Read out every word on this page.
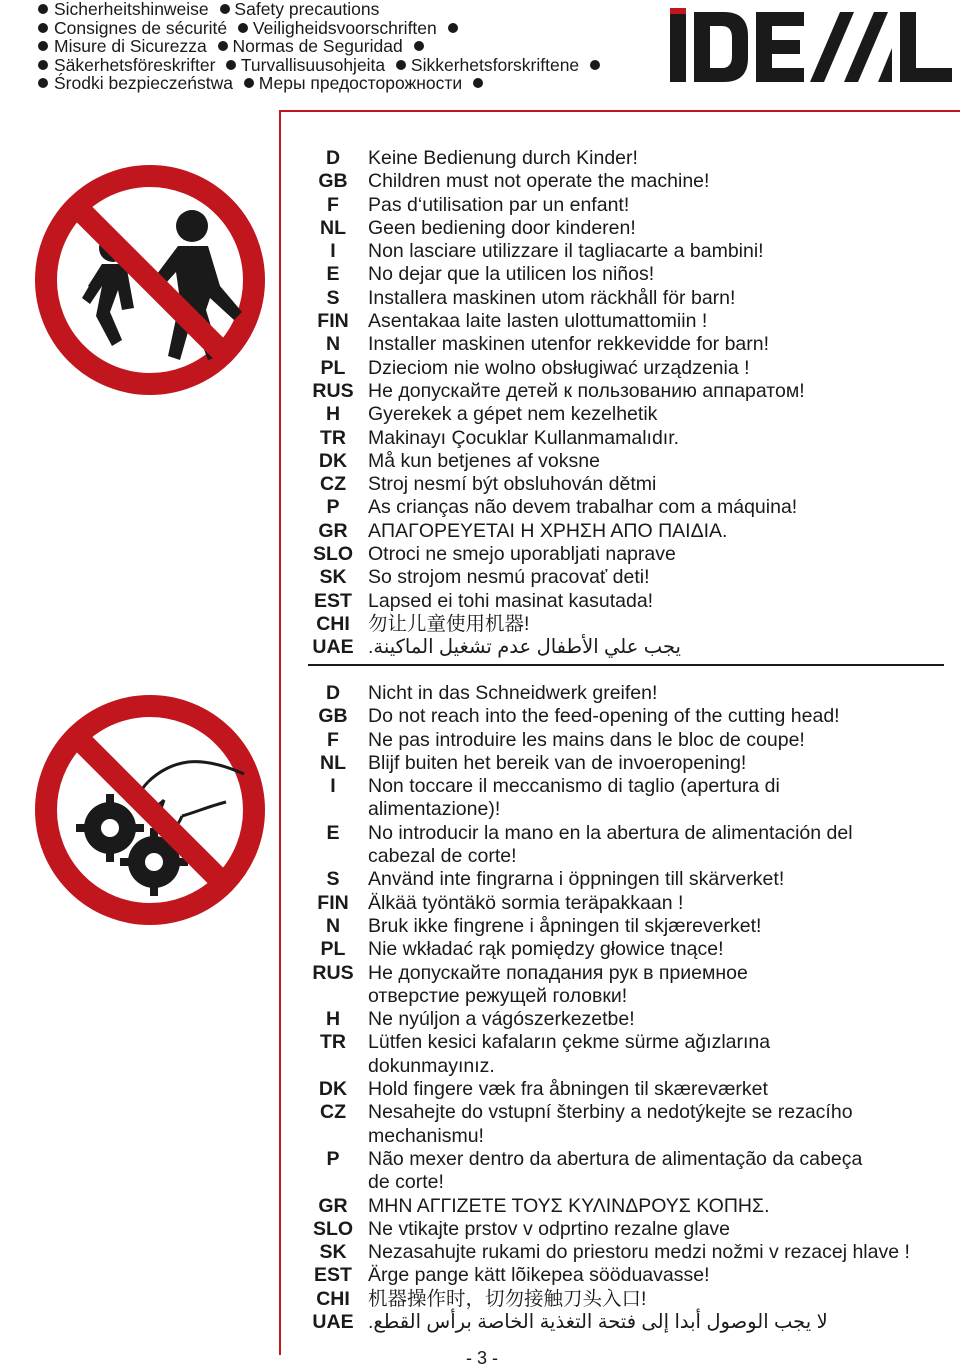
Sicherheitshinweise Safety precautions
Consignes de sécurité Veiligheidsvoorschriften
Misure di Sicurezza Normas de Seguridad
Säkerhetsföreskrifter Turvallisuusohjeita Sikkerhetsforskriftene
Środki bezpieczeństwa Меры предосторожности
D	Keine Bedienung durch Kinder!
GB	Children must not operate the machine!
F	Pas d‘utilisation par un enfant!
NL	Geen bediening door kinderen!
I	Non lasciare utilizzare il tagliacarte a bambini!
E	No dejar que la utilicen los niños!
S	Installera maskinen utom räckhåll för barn!
FIN Asentakaa laite lasten ulottumattomiin !
N	Installer maskinen utenfor rekkevidde for barn!
PL	Dzieciom nie wolno obsługiwać urządzenia !
RUS Не допускайте детей к пользованию аппаратом!
H	Gyerekek a gépet nem kezelhetik
TR	Makinayı Çocuklar Kullanmamalıdır.
DK	Må kun betjenes af voksne
CZ	Stroj nesmí být obsluhován dětmi
P	As crianças não devem trabalhar com a máquina!
GR	ΑΠΑΓΟΡΕΥΕΤΑΙ Η ΧΡΗΣΗ ΑΠΟ ΠΑΙΔΙΑ.
SLO Otroci ne smejo uporabljati naprave
SK	So strojom nesmú pracovať deti!
EST Lapsed ei tohi masinat kasutada!
CHI 勿让儿童使用机器!
UAE يجب علي الأطفال عدم تشغيل الماكينة.
D	Nicht in das Schneidwerk greifen!
GB	Do not reach into the feed-opening of the cutting head!
F	Ne pas introduire les mains dans le bloc de coupe!
NL	Blijf buiten het bereik van de invoeropening!
I	Non toccare il meccanismo di taglio (apertura di
alimentazione)!
E	No introducir la mano en la abertura de alimentación del
cabezal de corte!
S	Använd inte fingrarna i öppningen till skärverket!
FIN Älkää työntäkö sormia teräpakkaan !
N	Bruk ikke fingrene i åpningen til skjæreverket!
PL	Nie wkładać rąk pomiędzy głowice tnące!
RUS Не допускайте попадания рук в приемное
отверстие режущей головки!
H	Ne nyúljon a vágószerkezetbe!
TR	Lütfen kesici kafaların çekme sürme ağızlarına
dokunmayınız.
DK	Hold fingere væk fra åbningen til skæreværket
CZ	Nesahejte do vstupní šterbiny a nedotýkejte se rezacího
mechanismu!
P	Não mexer dentro da abertura de alimentação da cabeça
de corte!
GR	ΜΗΝ ΑΓΓΙΖΕΤΕ ΤΟΥΣ ΚΥΛΙΝΔΡΟΥΣ ΚΟΠΗΣ.
SLO Ne vtikajte prstov v odprtino rezalne glave
SK	Nezasahujte rukami do priestoru medzi nožmi v rezacej hlave !
EST Ärge pange kätt lõikepea sööduavasse!
CHI 机器操作时，切勿接触刀头入口!
UAE لا يجب الوصول أبدا إلى فتحة التغذية الخاصة برأس القطع.
- 3 -
